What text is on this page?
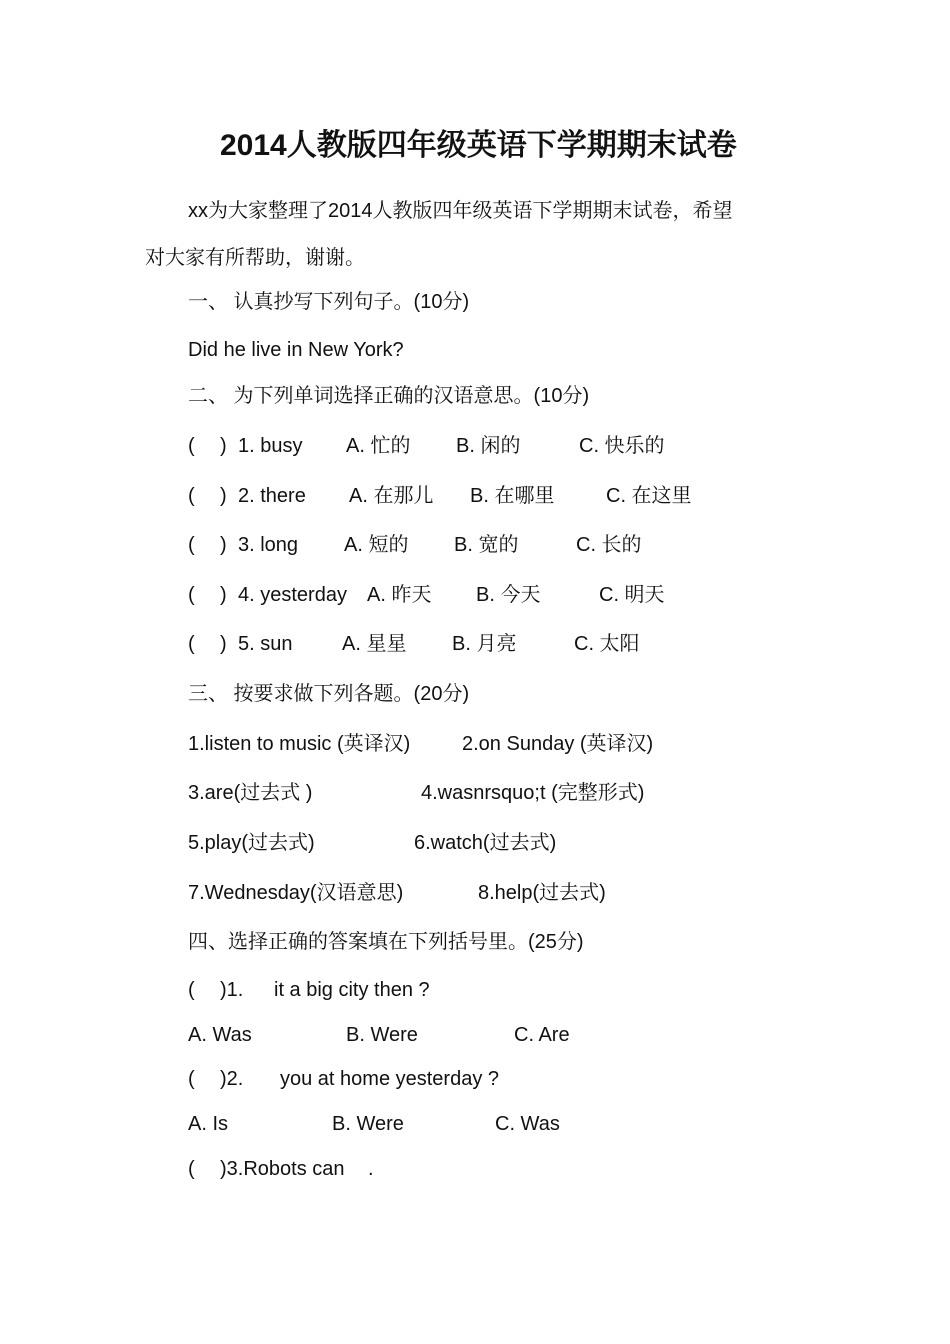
2014人教版四年级英语下学期期末试卷
xx为大家整理了2014人教版四年级英语下学期期末试卷，希望
对大家有所帮助，谢谢。
一、 认真抄写下列句子。(10分)
Did he live in New York?
二、 为下列单词选择正确的汉语意思。(10分)
( ) 1. busy A. 忙的 B. 闲的	C. 快乐的
( ) 2. there A. 在那儿 B. 在哪里	C. 在这里
( ) 3. long A. 短的 B. 宽的	C. 长的
( ) 4. yesterday A. 昨天 B. 今天	C. 明天
( ) 5. sun A. 星星 B. 月亮	C. 太阳
三、 按要求做下列各题。(20分)
1.listen to music (英译汉)	2.on Sunday (英译汉)
3.are(过去式 )	4.wasnrsquo;t (完整形式)
5.play(过去式)	6.watch(过去式)
7.Wednesday(汉语意思)	8.help(过去式)
四、选择正确的答案填在下列括号里。(25分)
( )1. it a big city then ?
A. Was	B. Were	C. Are
( )2. you at home yesterday ?
A. Is	B. Were	C. Was
( )3.Robots can .
